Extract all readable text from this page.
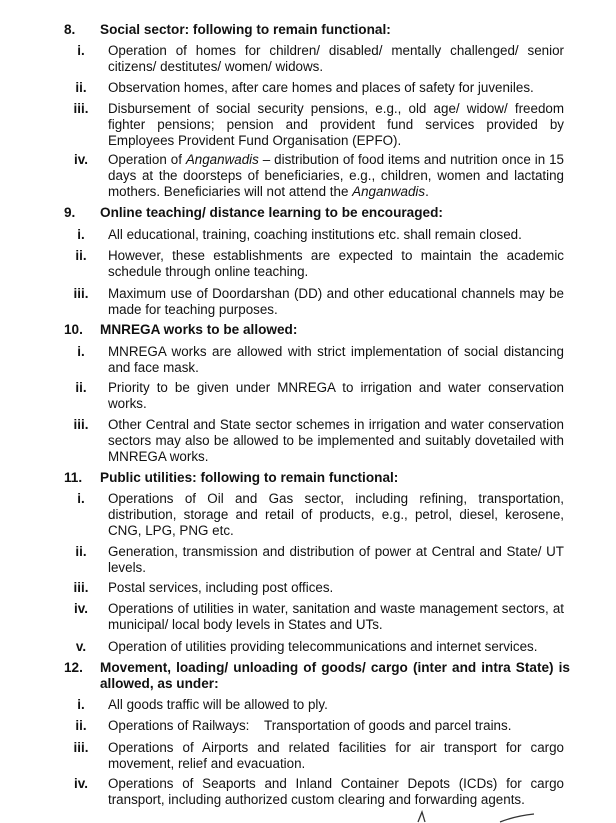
8. Social sector: following to remain functional:
i.	Operation of homes for children/ disabled/ mentally challenged/ senior citizens/ destitutes/ women/ widows.
ii.	Observation homes, after care homes and places of safety for juveniles.
iii.	Disbursement of social security pensions, e.g., old age/ widow/ freedom fighter pensions; pension and provident fund services provided by Employees Provident Fund Organisation (EPFO).
iv.	Operation of Anganwadis – distribution of food items and nutrition once in 15 days at the doorsteps of beneficiaries, e.g., children, women and lactating mothers. Beneficiaries will not attend the Anganwadis.
9. Online teaching/ distance learning to be encouraged:
i.	All educational, training, coaching institutions etc. shall remain closed.
ii.	However, these establishments are expected to maintain the academic schedule through online teaching.
iii.	Maximum use of Doordarshan (DD) and other educational channels may be made for teaching purposes.
10. MNREGA works to be allowed:
i.	MNREGA works are allowed with strict implementation of social distancing and face mask.
ii.	Priority to be given under MNREGA to irrigation and water conservation works.
iii.	Other Central and State sector schemes in irrigation and water conservation sectors may also be allowed to be implemented and suitably dovetailed with MNREGA works.
11. Public utilities: following to remain functional:
i.	Operations of Oil and Gas sector, including refining, transportation, distribution, storage and retail of products, e.g., petrol, diesel, kerosene, CNG, LPG, PNG etc.
ii.	Generation, transmission and distribution of power at Central and State/ UT levels.
iii.	Postal services, including post offices.
iv.	Operations of utilities in water, sanitation and waste management sectors, at municipal/ local body levels in States and UTs.
v.	Operation of utilities providing telecommunications and internet services.
12. Movement, loading/ unloading of goods/ cargo (inter and intra State) is allowed, as under:
i.	All goods traffic will be allowed to ply.
ii.	Operations of Railways:    Transportation of goods and parcel trains.
iii.	Operations of Airports and related facilities for air transport for cargo movement, relief and evacuation.
iv.	Operations of Seaports and Inland Container Depots (ICDs) for cargo transport, including authorized custom clearing and forwarding agents.
